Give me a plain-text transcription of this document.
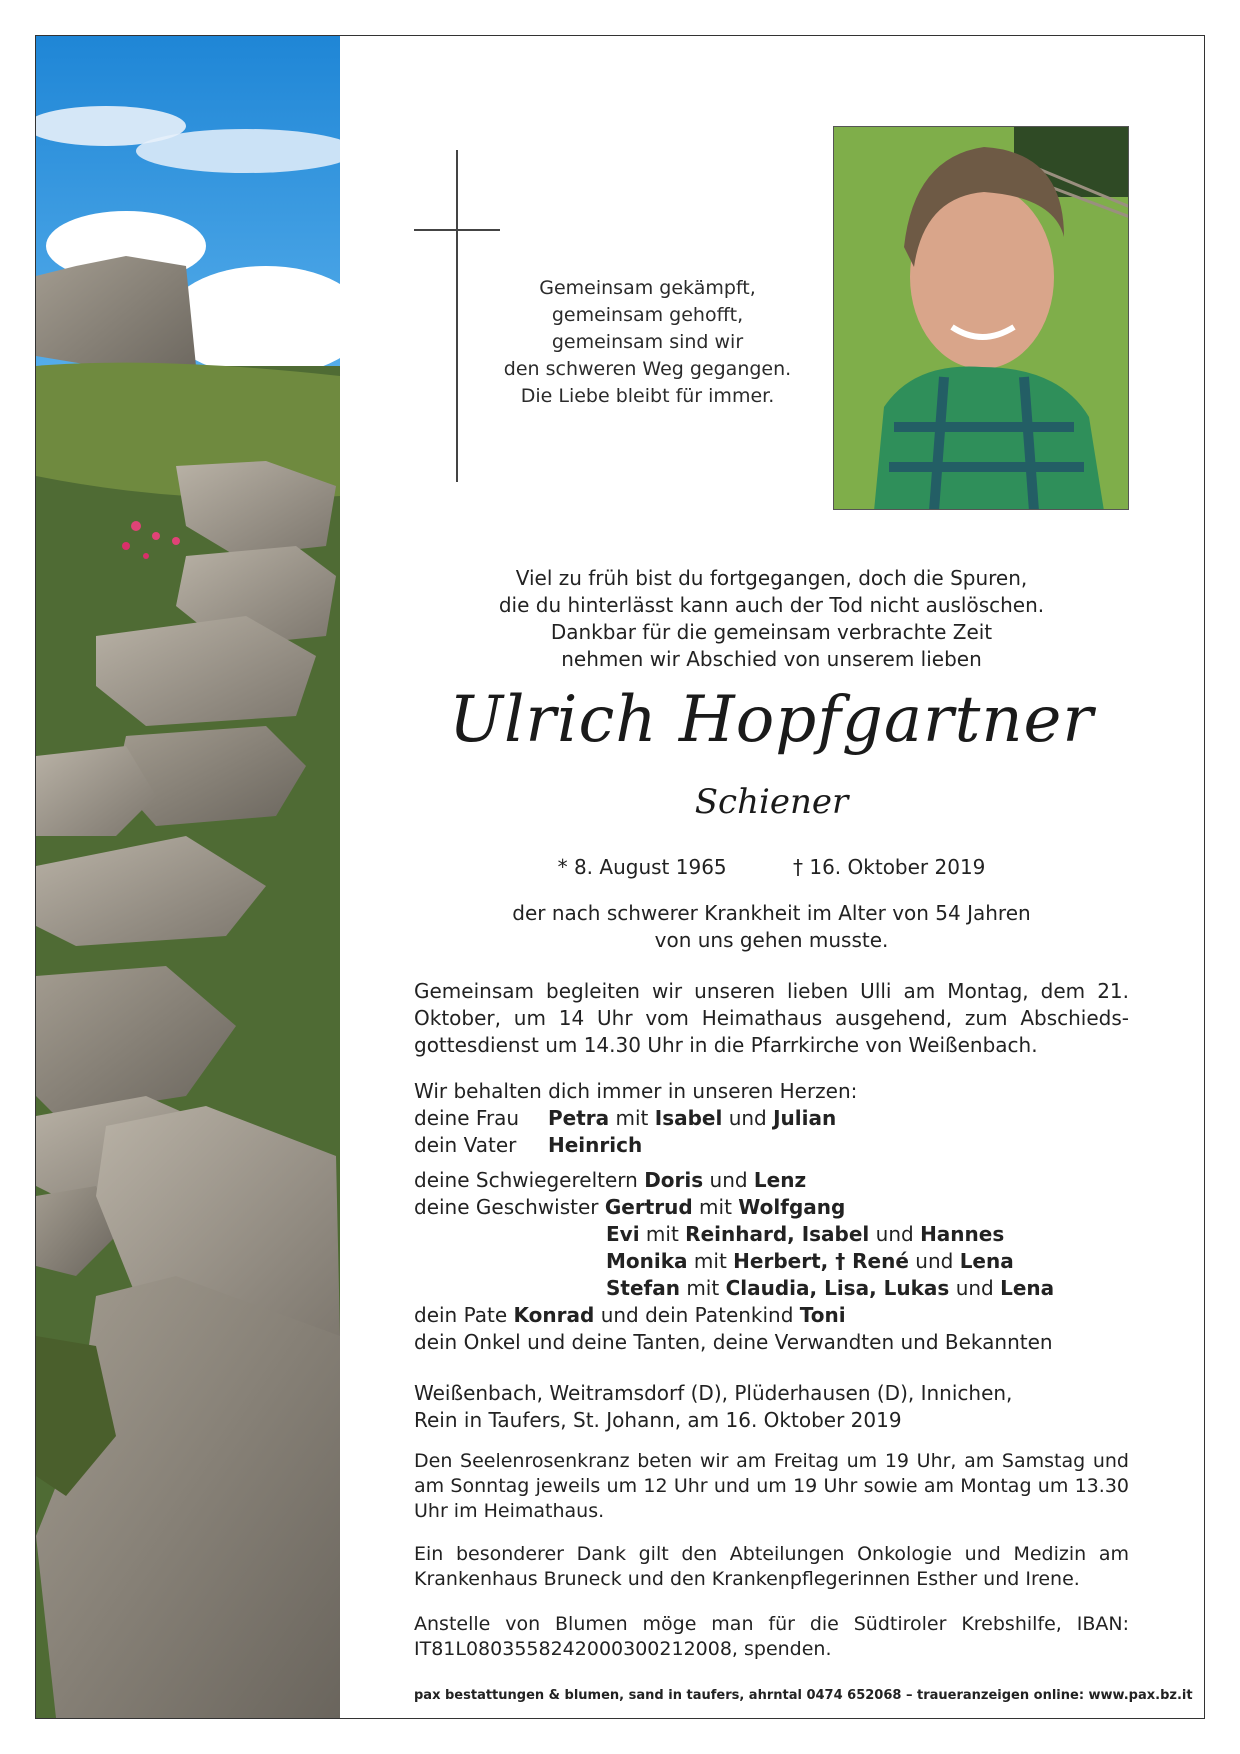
Gemeinsam gekämpft,
gemeinsam gehofft,
gemeinsam sind wir
den schweren Weg gegangen.
Die Liebe bleibt für immer.
Viel zu früh bist du fortgegangen, doch die Spuren,
die du hinterlässt kann auch der Tod nicht auslöschen.
Dankbar für die gemeinsam verbrachte Zeit
nehmen wir Abschied von unserem lieben
Ulrich Hopfgartner
Schiener
* 8. August 1965	† 16. Oktober 2019
der nach schwerer Krankheit im Alter von 54 Jahren
von uns gehen musste.
Gemeinsam begleiten wir unseren lieben Ulli am Montag, dem 21. Oktober, um 14 Uhr vom Heimathaus ausgehend, zum Abschiedsgottesdienst um 14.30 Uhr in die Pfarrkirche von Weißenbach.
Wir behalten dich immer in unseren Herzen:
deine Frau Petra mit Isabel und Julian
dein Vater Heinrich
deine Schwiegereltern Doris und Lenz
deine Geschwister Gertrud mit Wolfgang
Evi mit Reinhard, Isabel und Hannes
Monika mit Herbert, † René und Lena
Stefan mit Claudia, Lisa, Lukas und Lena
dein Pate Konrad und dein Patenkind Toni
dein Onkel und deine Tanten, deine Verwandten und Bekannten
Weißenbach, Weitramsdorf (D), Plüderhausen (D), Innichen,
Rein in Taufers, St. Johann, am 16. Oktober 2019
Den Seelenrosenkranz beten wir am Freitag um 19 Uhr, am Samstag und am Sonntag jeweils um 12 Uhr und um 19 Uhr sowie am Montag um 13.30 Uhr im Heimathaus.
Ein besonderer Dank gilt den Abteilungen Onkologie und Medizin am Krankenhaus Bruneck und den Krankenpflegerinnen Esther und Irene.
Anstelle von Blumen möge man für die Südtiroler Krebshilfe, IBAN: IT81L0803558242000300212008, spenden.
pax bestattungen & blumen, sand in taufers, ahrntal 0474 652068 – traueranzeigen online: www.pax.bz.it
